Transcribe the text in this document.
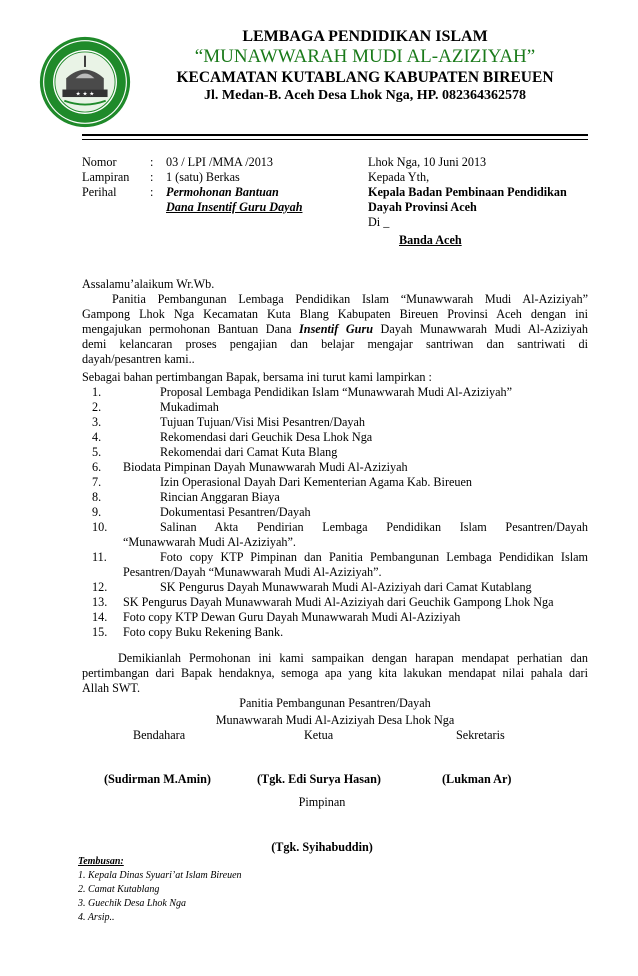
★ ★ ★
LEMBAGA PENDIDIKAN ISLAM
“MUNAWWARAH MUDI AL-AZIZIYAH”
KECAMATAN KUTABLANG KABUPATEN BIREUEN
Jl. Medan-B. Aceh Desa Lhok Nga, HP. 082364362578
Nomor	: 03 / LPI /MMA /2013
Lampiran : 1 (satu) Berkas
Perihal	: Permohonan Bantuan
Dana Insentif Guru Dayah
Lhok Nga, 10 Juni 2013
Kepada Yth,
Kepala Badan Pembinaan Pendidikan
Dayah Provinsi Aceh
Di _
Banda Aceh
Assalamu’alaikum Wr.Wb.
Panitia Pembangunan Lembaga Pendidikan Islam “Munawwarah Mudi Al-Aziziyah”
Gampong Lhok Nga Kecamatan Kuta Blang Kabupaten Bireuen Provinsi Aceh dengan ini
mengajukan permohonan Bantuan Dana Insentif Guru Dayah Munawwarah Mudi Al-Aziziyah
demi kelancaran proses pengajian dan belajar mengajar santriwan dan santriwati di
dayah/pesantren kami..
Sebagai bahan pertimbangan Bapak, bersama ini turut kami lampirkan :
1.	Proposal Lembaga Pendidikan Islam “Munawwarah Mudi Al-Aziziyah”
2.	Mukadimah
3.	Tujuan Tujuan/Visi Misi Pesantren/Dayah
4.	Rekomendasi dari Geuchik Desa Lhok Nga
5.	Rekomendai dari Camat Kuta Blang
6.	Biodata Pimpinan Dayah Munawwarah Mudi Al-Aziziyah
7.	Izin Operasional Dayah Dari Kementerian Agama Kab. Bireuen
8.	Rincian Anggaran Biaya
9.	Dokumentasi Pesantren/Dayah
10.	Salinan Akta Pendirian Lembaga Pendidikan Islam Pesantren/Dayah
“Munawwarah Mudi Al-Aziziyah”.
11.	Foto copy KTP Pimpinan dan Panitia Pembangunan Lembaga Pendidikan Islam
Pesantren/Dayah “Munawwarah Mudi Al-Aziziyah”.
12.	SK Pengurus Dayah Munawwarah Mudi Al-Aziziyah dari Camat Kutablang
13.	SK Pengurus Dayah Munawwarah Mudi Al-Aziziyah dari Geuchik Gampong Lhok Nga
14.	Foto copy KTP Dewan Guru Dayah Munawwarah Mudi Al-Aziziyah
15.	Foto copy Buku Rekening Bank.
Demikianlah Permohonan ini kami sampaikan dengan harapan mendapat perhatian dan
pertimbangan dari Bapak hendaknya, semoga apa yang kita lakukan mendapat nilai pahala dari
Allah SWT.
Panitia Pembangunan Pesantren/Dayah
Munawwarah Mudi Al-Aziziyah Desa Lhok Nga
Bendahara	Ketua	Sekretaris
(Sudirman M.Amin)	(Tgk. Edi Surya Hasan)	(Lukman Ar)
Pimpinan
(Tgk. Syihabuddin)
Tembusan:
1. Kepala Dinas Syuari’at Islam Bireuen
2. Camat Kutablang
3. Guechik Desa Lhok Nga
4. Arsip..
